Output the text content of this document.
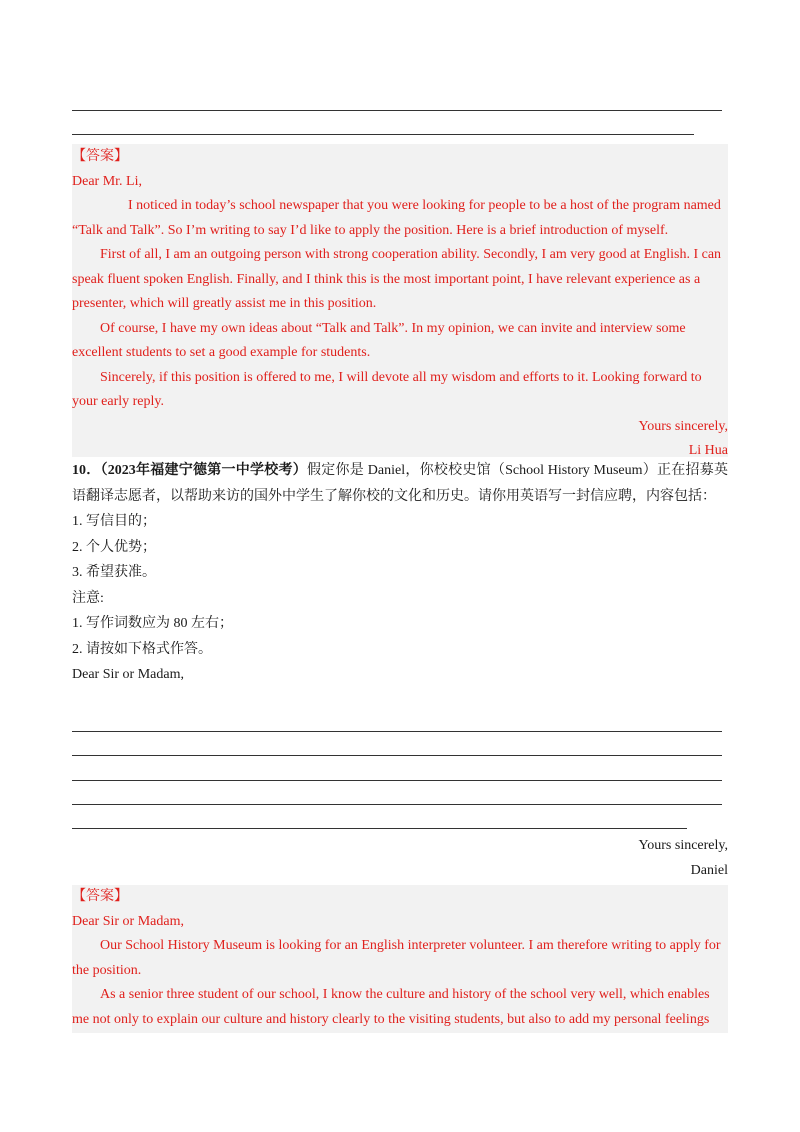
【答案】

Dear Mr. Li,

I noticed in today’s school newspaper that you were looking for people to be a host of the program named “Talk and Talk”. So I’m writing to say I’d like to apply the position. Here is a brief introduction of myself.

First of all, I am an outgoing person with strong cooperation ability. Secondly, I am very good at English. I can speak fluent spoken English. Finally, and I think this is the most important point, I have relevant experience as a presenter, which will greatly assist me in this position.

Of course, I have my own ideas about “Talk and Talk”. In my opinion, we can invite and interview some excellent students to set a good example for students.

Sincerely, if this position is offered to me, I will devote all my wisdom and efforts to it. Looking forward to your early reply.

Yours sincerely,

Li Hua

10．（2023年福建宁德第一中学校考）假定你是 Daniel，你校校史馆（School History Museum）正在招募英语翻译志愿者，以帮助来访的国外中学生了解你校的文化和历史。请你用英语写一封信应聘，内容包括：

1. 写信目的；

2. 个人优势；

3. 希望获准。

注意:

1. 写作词数应为 80 左右；

2. 请按如下格式作答。

Dear Sir or Madam,

Yours sincerely,

Daniel

【答案】

Dear Sir or Madam,

Our School History Museum is looking for an English interpreter volunteer. I am therefore writing to apply for the position.

As a senior three student of our school, I know the culture and history of the school very well, which enables me not only to explain our culture and history clearly to the visiting students, but also to add my personal feelings
